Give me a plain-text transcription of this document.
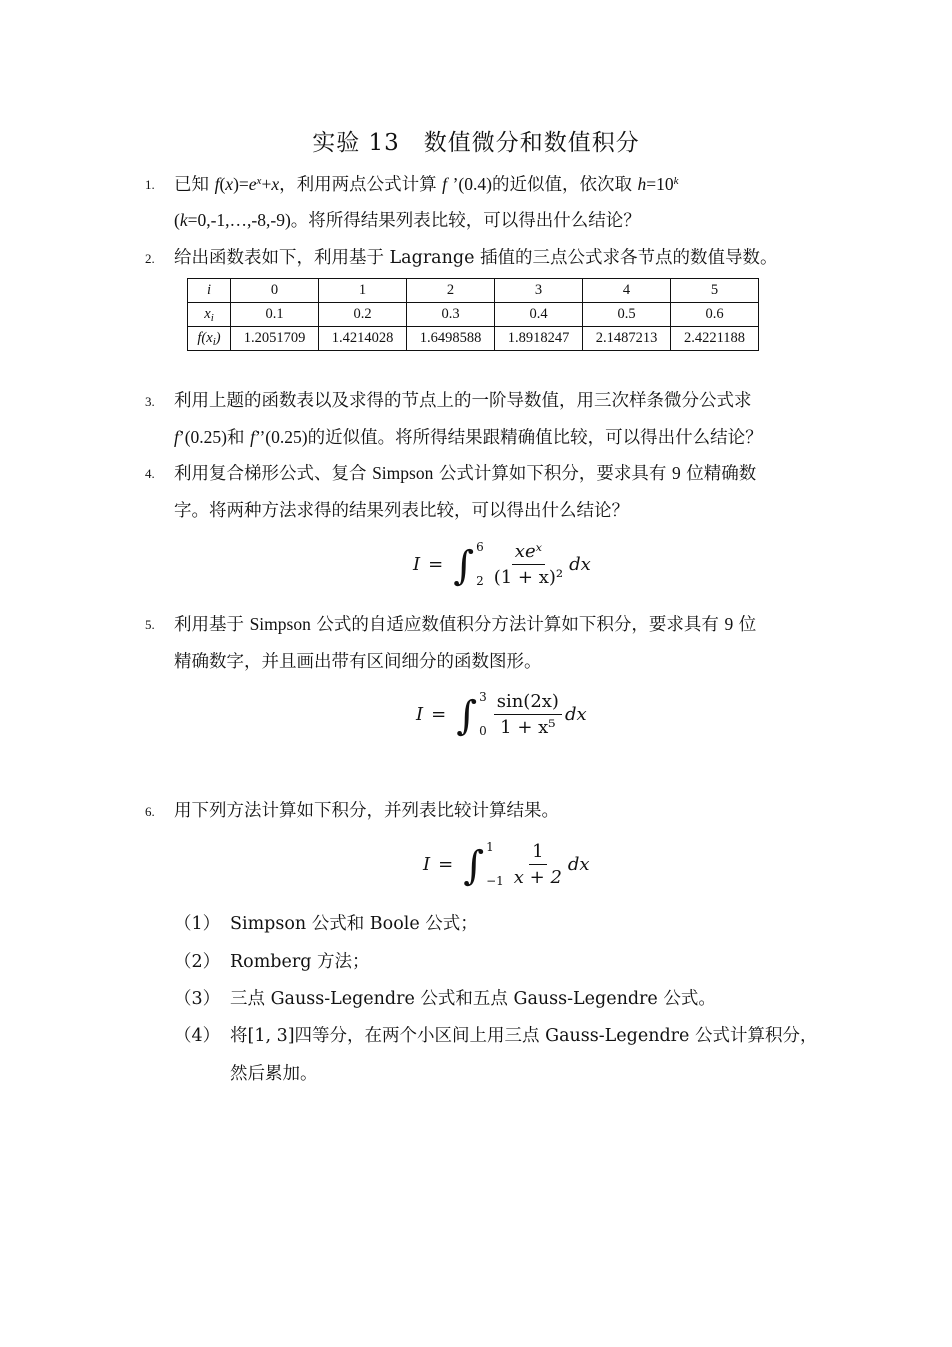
实验 13　数值微分和数值积分
1. 已知 $f(x)=e^x+x$，利用两点公式计算 f ’(0.4)的近似值，依次取 $h=10^k$
(k=0,-1,…,-8,-9)。将所得结果列表比较，可以得出什么结论？
2. 给出函数表如下，利用基于 Lagrange 插值的三点公式求各节点的数值导数。
i	0	1	2	3	4	5
$x_i$	0.1	0.2	0.3	0.4	0.5	0.6
$f(x_i)$	1.2051709	1.4214028	1.6498588	1.8918247	2.1487213	2.4221188
3. 利用上题的函数表以及求得的节点上的一阶导数值，用三次样条微分公式求
f’(0.25)和 f’’(0.25)的近似值。将所得结果跟精确值比较，可以得出什么结论？
4. 利用复合梯形公式、复合 Simpson 公式计算如下积分，要求具有 9 位精确数
字。将两种方法求得的结果列表比较，可以得出什么结论？
I = ∫ 6
$2 \frac{\text{xeˣ}}{\text{(1 + x)²}}$ dx
5. 利用基于 Simpson 公式的自适应数值积分方法计算如下积分，要求具有 9 位
精确数字，并且画出带有区间细分的函数图形。
I = ∫ 3
$0 \frac{\sin(2x)}{\text{1 + x⁵}}$ dx
6. 用下列方法计算如下积分，并列表比较计算结果。
I = ∫ 1
$-1 \frac{1}{x + 2}$ dx
（1） Simpson 公式和 Boole 公式；
（2） Romberg 方法；
（3） 三点 Gauss-Legendre 公式和五点 Gauss-Legendre 公式。
（4） 将[1, 3]四等分，在两个小区间上用三点 Gauss-Legendre 公式计算积分，
然后累加。
